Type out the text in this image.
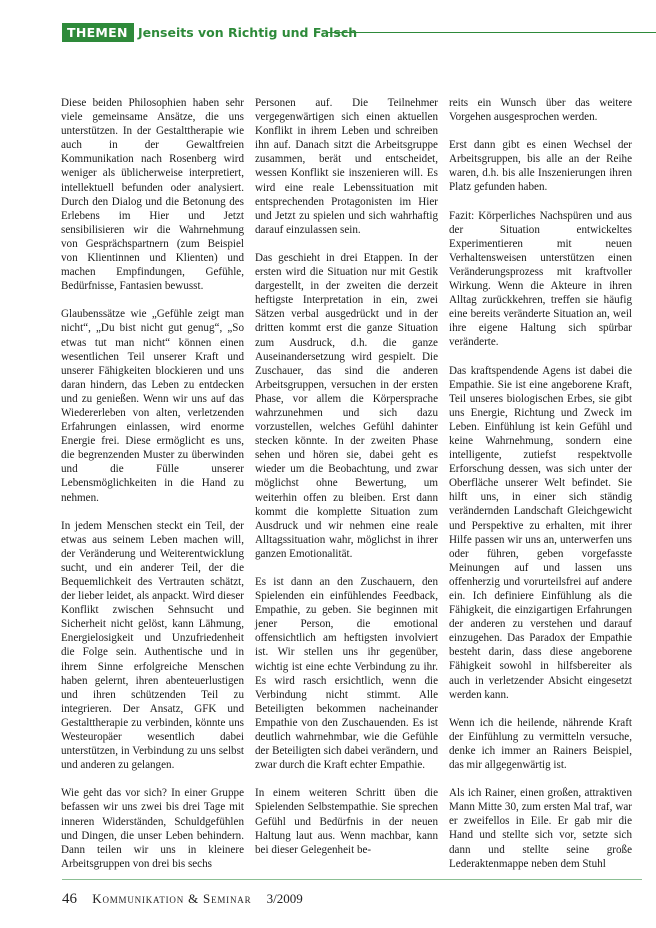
THEMEN Jenseits von Richtig und Falsch

Diese beiden Philosophien haben sehr viele gemeinsame Ansätze, die uns unterstützen. In der Gestalttherapie wie auch in der Gewaltfreien Kommunikation nach Rosenberg wird weniger als üblicherweise interpretiert, intellektuell befunden oder analysiert. Durch den Dialog und die Betonung des Erlebens im Hier und Jetzt sensibilisieren wir die Wahrnehmung von Gesprächspartnern (zum Beispiel von Klientinnen und Klienten) und machen Empfindungen, Gefühle, Bedürfnisse, Fantasien bewusst.

Glaubenssätze wie „Gefühle zeigt man nicht“, „Du bist nicht gut genug“, „So etwas tut man nicht“ können einen wesentlichen Teil unserer Kraft und unserer Fähigkeiten blockieren und uns daran hindern, das Leben zu entdecken und zu genießen. Wenn wir uns auf das Wiedererleben von alten, verletzenden Erfahrungen einlassen, wird enorme Energie frei. Diese ermöglicht es uns, die begrenzenden Muster zu überwinden und die Fülle unserer Lebensmöglichkeiten in die Hand zu nehmen.

In jedem Menschen steckt ein Teil, der etwas aus seinem Leben machen will, der Veränderung und Weiterentwicklung sucht, und ein anderer Teil, der die Bequemlichkeit des Vertrauten schätzt, der lieber leidet, als anpackt. Wird dieser Konflikt zwischen Sehnsucht und Sicherheit nicht gelöst, kann Lähmung, Energielosigkeit und Unzufriedenheit die Folge sein. Authentische und in ihrem Sinne erfolgreiche Menschen haben gelernt, ihren abenteuerlustigen und ihren schützenden Teil zu integrieren. Der Ansatz, GFK und Gestalttherapie zu verbinden, könnte uns Westeuropäer wesentlich dabei unterstützen, in Verbindung zu uns selbst und anderen zu gelangen.

Wie geht das vor sich? In einer Gruppe befassen wir uns zwei bis drei Tage mit inneren Widerständen, Schuldgefühlen und Dingen, die unser Leben behindern. Dann teilen wir uns in kleinere Arbeitsgruppen von drei bis sechs

Personen auf. Die Teilnehmer vergegenwärtigen sich einen aktuellen Konflikt in ihrem Leben und schreiben ihn auf. Danach sitzt die Arbeitsgruppe zusammen, berät und entscheidet, wessen Konflikt sie inszenieren will. Es wird eine reale Lebenssituation mit entsprechenden Protagonisten im Hier und Jetzt zu spielen und sich wahrhaftig darauf einzulassen sein.

Das geschieht in drei Etappen. In der ersten wird die Situation nur mit Gestik dargestellt, in der zweiten die derzeit heftigste Interpretation in ein, zwei Sätzen verbal ausgedrückt und in der dritten kommt erst die ganze Situation zum Ausdruck, d.h. die ganze Auseinandersetzung wird gespielt. Die Zuschauer, das sind die anderen Arbeitsgruppen, versuchen in der ersten Phase, vor allem die Körpersprache wahrzunehmen und sich dazu vorzustellen, welches Gefühl dahinter stecken könnte. In der zweiten Phase sehen und hören sie, dabei geht es wieder um die Beobachtung, und zwar möglichst ohne Bewertung, um weiterhin offen zu bleiben. Erst dann kommt die komplette Situation zum Ausdruck und wir nehmen eine reale Alltagssituation wahr, möglichst in ihrer ganzen Emotionalität.

Es ist dann an den Zuschauern, den Spielenden ein einfühlendes Feedback, Empathie, zu geben. Sie beginnen mit jener Person, die emotional offensichtlich am heftigsten involviert ist. Wir stellen uns ihr gegenüber, wichtig ist eine echte Verbindung zu ihr. Es wird rasch ersichtlich, wenn die Verbindung nicht stimmt. Alle Beteiligten bekommen nacheinander Empathie von den Zuschauenden. Es ist deutlich wahrnehmbar, wie die Gefühle der Beteiligten sich dabei verändern, und zwar durch die Kraft echter Empathie.

In einem weiteren Schritt üben die Spielenden Selbstempathie. Sie sprechen Gefühl und Bedürfnis in der neuen Haltung laut aus. Wenn machbar, kann bei dieser Gelegenheit be-

reits ein Wunsch über das weitere Vorgehen ausgesprochen werden.

Erst dann gibt es einen Wechsel der Arbeitsgruppen, bis alle an der Reihe waren, d.h. bis alle Inszenierungen ihren Platz gefunden haben.

Fazit: Körperliches Nachspüren und aus der Situation entwickeltes Experimentieren mit neuen Verhaltensweisen unterstützen einen Veränderungsprozess mit kraftvoller Wirkung. Wenn die Akteure in ihren Alltag zurückkehren, treffen sie häufig eine bereits veränderte Situation an, weil ihre eigene Haltung sich spürbar veränderte.

Das kraftspendende Agens ist dabei die Empathie. Sie ist eine angeborene Kraft, Teil unseres biologischen Erbes, sie gibt uns Energie, Richtung und Zweck im Leben. Einfühlung ist kein Gefühl und keine Wahrnehmung, sondern eine intelligente, zutiefst respektvolle Erforschung dessen, was sich unter der Oberfläche unserer Welt befindet. Sie hilft uns, in einer sich ständig verändernden Landschaft Gleichgewicht und Perspektive zu erhalten, mit ihrer Hilfe passen wir uns an, unterwerfen uns oder führen, geben vorgefasste Meinungen auf und lassen uns offenherzig und vorurteilsfrei auf andere ein. Ich definiere Einfühlung als die Fähigkeit, die einzigartigen Erfahrungen der anderen zu verstehen und darauf einzugehen. Das Paradox der Empathie besteht darin, dass diese angeborene Fähigkeit sowohl in hilfsbereiter als auch in verletzender Absicht eingesetzt werden kann.

Wenn ich die heilende, nährende Kraft der Einfühlung zu vermitteln versuche, denke ich immer an Rainers Beispiel, das mir allgegenwärtig ist.

Als ich Rainer, einen großen, attraktiven Mann Mitte 30, zum ersten Mal traf, war er zweifellos in Eile. Er gab mir die Hand und stellte sich vor, setzte sich dann und stellte seine große Lederaktenmappe neben dem Stuhl

46 Kommunikation & Seminar 3/2009
